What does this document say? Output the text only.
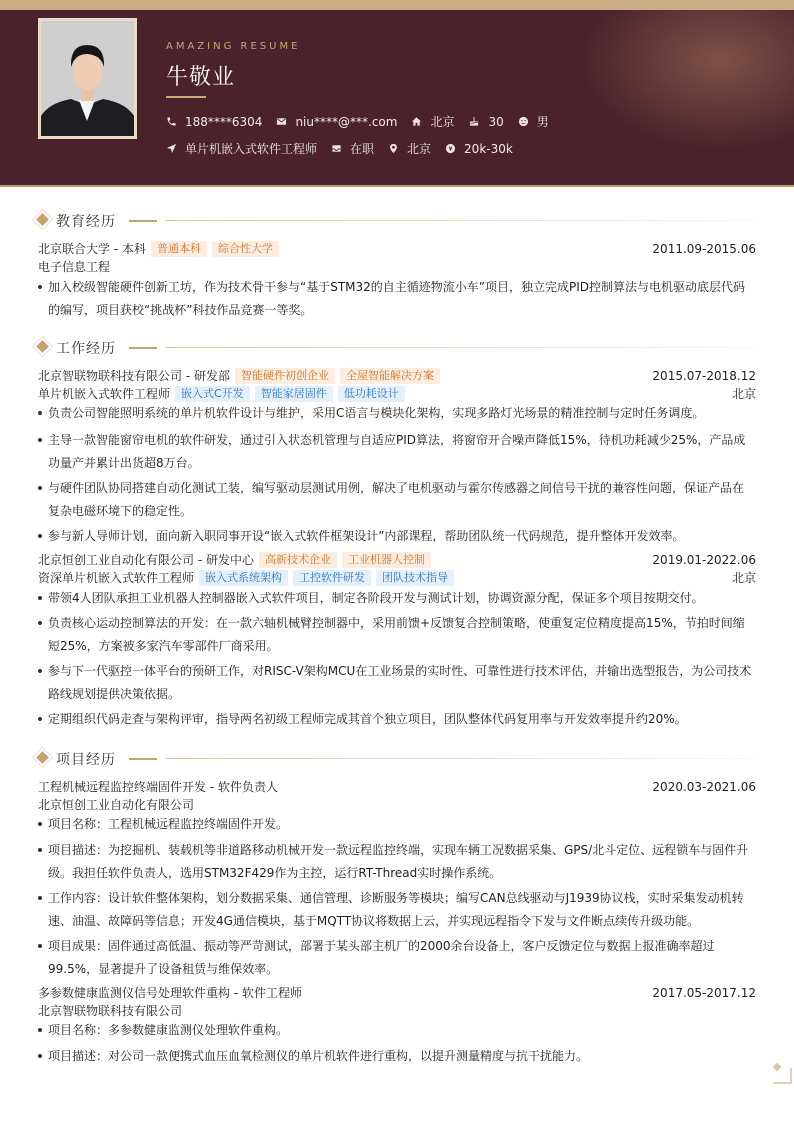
AMAZING RESUME
牛敬业
188****6304	niu****@***.com	北京	30	男
单片机嵌入式软件工程师	在职	北京	20k-30k
教育经历
北京联合大学 - 本科	普通本科	综合性大学	2011.09-2015.06
电子信息工程
加入校级智能硬件创新工坊，作为技术骨干参与“基于STM32的自主循迹物流小车”项目，独立完成PID控制算法与电机驱动底层代码的编写，项目获校“挑战杯”科技作品竞赛一等奖。
工作经历
北京智联物联科技有限公司 - 研发部	智能硬件初创企业	全屋智能解决方案	2015.07-2018.12
单片机嵌入式软件工程师	嵌入式C开发	智能家居固件	低功耗设计	北京
负责公司智能照明系统的单片机软件设计与维护，采用C语言与模块化架构，实现多路灯光场景的精准控制与定时任务调度。
主导一款智能窗帘电机的软件研发，通过引入状态机管理与自适应PID算法，将窗帘开合噪声降低15%，待机功耗减少25%，产品成功量产并累计出货超8万台。
与硬件团队协同搭建自动化测试工装，编写驱动层测试用例，解决了电机驱动与霍尔传感器之间信号干扰的兼容性问题，保证产品在复杂电磁环境下的稳定性。
参与新人导师计划，面向新入职同事开设“嵌入式软件框架设计”内部课程，帮助团队统一代码规范，提升整体开发效率。
北京恒创工业自动化有限公司 - 研发中心	高新技术企业	工业机器人控制	2019.01-2022.06
资深单片机嵌入式软件工程师	嵌入式系统架构	工控软件研发	团队技术指导	北京
带领4人团队承担工业机器人控制器嵌入式软件项目，制定各阶段开发与测试计划，协调资源分配，保证多个项目按期交付。
负责核心运动控制算法的开发：在一款六轴机械臂控制器中，采用前馈+反馈复合控制策略，使重复定位精度提高15%，节拍时间缩短25%，方案被多家汽车零部件厂商采用。
参与下一代驱控一体平台的预研工作，对RISC-V架构MCU在工业场景的实时性、可靠性进行技术评估，并输出选型报告，为公司技术路线规划提供决策依据。
定期组织代码走查与架构评审，指导两名初级工程师完成其首个独立项目，团队整体代码复用率与开发效率提升约20%。
项目经历
工程机械远程监控终端固件开发 - 软件负责人	2020.03-2021.06
北京恒创工业自动化有限公司
项目名称：工程机械远程监控终端固件开发。
项目描述：为挖掘机、装载机等非道路移动机械开发一款远程监控终端，实现车辆工况数据采集、GPS/北斗定位、远程锁车与固件升级。我担任软件负责人，选用STM32F429作为主控，运行RT-Thread实时操作系统。
工作内容：设计软件整体架构，划分数据采集、通信管理、诊断服务等模块；编写CAN总线驱动与J1939协议栈，实时采集发动机转速、油温、故障码等信息；开发4G通信模块，基于MQTT协议将数据上云，并实现远程指令下发与文件断点续传升级功能。
项目成果：固件通过高低温、振动等严苛测试，部署于某头部主机厂的2000余台设备上，客户反馈定位与数据上报准确率超过99.5%，显著提升了设备租赁与维保效率。
多参数健康监测仪信号处理软件重构 - 软件工程师	2017.05-2017.12
北京智联物联科技有限公司
项目名称：多参数健康监测仪处理软件重构。
项目描述：对公司一款便携式血压血氧检测仪的单片机软件进行重构，以提升测量精度与抗干扰能力。
